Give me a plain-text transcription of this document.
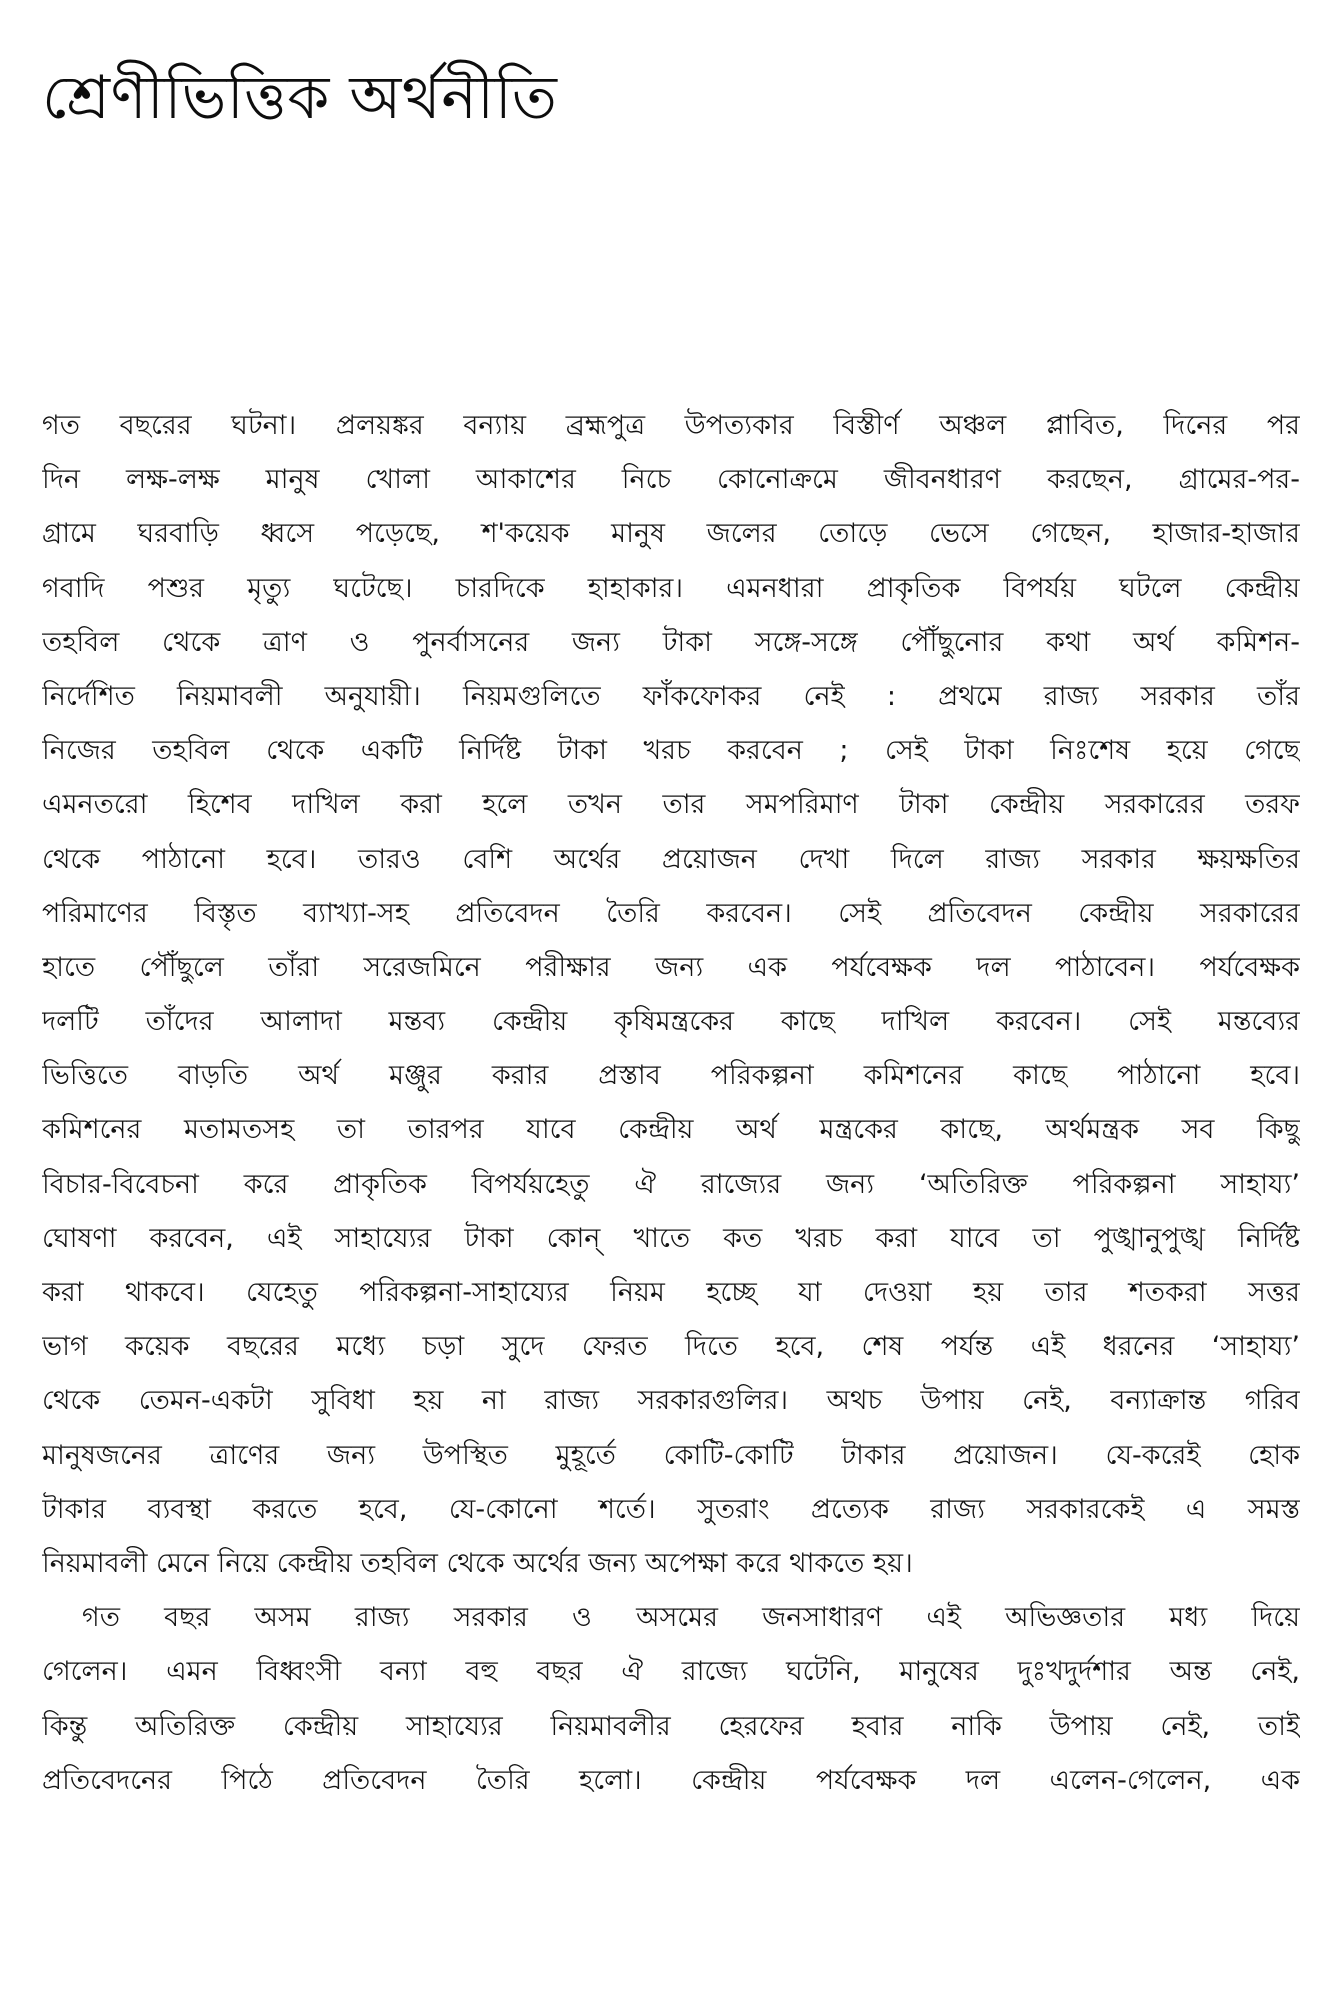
শ্রেণীভিত্তিক অর্থনীতি
গত বছরের ঘটনা। প্রলয়ঙ্কর বন্যায় ব্রহ্মপুত্র উপত্যকার বিস্তীর্ণ অঞ্চল প্লাবিত, দিনের পর
দিন লক্ষ-লক্ষ মানুষ খোলা আকাশের নিচে কোনোক্রমে জীবনধারণ করছেন, গ্রামের-পর-
গ্রামে ঘরবাড়ি ধ্বসে পড়েছে, শ'কয়েক মানুষ জলের তোড়ে ভেসে গেছেন, হাজার-হাজার
গবাদি পশুর মৃত্যু ঘটেছে। চারদিকে হাহাকার। এমনধারা প্রাকৃতিক বিপর্যয় ঘটলে কেন্দ্রীয়
তহবিল থেকে ত্রাণ ও পুনর্বাসনের জন্য টাকা সঙ্গে-সঙ্গে পৌঁছুনোর কথা অর্থ কমিশন-
নির্দেশিত নিয়মাবলী অনুযায়ী। নিয়মগুলিতে ফাঁকফোকর নেই : প্রথমে রাজ্য সরকার তাঁর
নিজের তহবিল থেকে একটি নির্দিষ্ট টাকা খরচ করবেন ; সেই টাকা নিঃশেষ হয়ে গেছে
এমনতরো হিশেব দাখিল করা হলে তখন তার সমপরিমাণ টাকা কেন্দ্রীয় সরকারের তরফ
থেকে পাঠানো হবে। তারও বেশি অর্থের প্রয়োজন দেখা দিলে রাজ্য সরকার ক্ষয়ক্ষতির
পরিমাণের বিস্তৃত ব্যাখ্যা-সহ প্রতিবেদন তৈরি করবেন। সেই প্রতিবেদন কেন্দ্রীয় সরকারের
হাতে পৌঁছুলে তাঁরা সরেজমিনে পরীক্ষার জন্য এক পর্যবেক্ষক দল পাঠাবেন। পর্যবেক্ষক
দলটি তাঁদের আলাদা মন্তব্য কেন্দ্রীয় কৃষিমন্ত্রকের কাছে দাখিল করবেন। সেই মন্তব্যের
ভিত্তিতে বাড়তি অর্থ মঞ্জুর করার প্রস্তাব পরিকল্পনা কমিশনের কাছে পাঠানো হবে।
কমিশনের মতামতসহ তা তারপর যাবে কেন্দ্রীয় অর্থ মন্ত্রকের কাছে, অর্থমন্ত্রক সব কিছু
বিচার-বিবেচনা করে প্রাকৃতিক বিপর্যয়হেতু ঐ রাজ্যের জন্য ‘অতিরিক্ত পরিকল্পনা সাহায্য’
ঘোষণা করবেন, এই সাহায্যের টাকা কোন্ খাতে কত খরচ করা যাবে তা পুঙ্খানুপুঙ্খ নির্দিষ্ট
করা থাকবে। যেহেতু পরিকল্পনা-সাহায্যের নিয়ম হচ্ছে যা দেওয়া হয় তার শতকরা সত্তর
ভাগ কয়েক বছরের মধ্যে চড়া সুদে ফেরত দিতে হবে, শেষ পর্যন্ত এই ধরনের ‘সাহায্য’
থেকে তেমন-একটা সুবিধা হয় না রাজ্য সরকারগুলির। অথচ উপায় নেই, বন্যাক্রান্ত গরিব
মানুষজনের ত্রাণের জন্য উপস্থিত মুহূর্তে কোটি-কোটি টাকার প্রয়োজন। যে-করেই হোক
টাকার ব্যবস্থা করতে হবে, যে-কোনো শর্তে। সুতরাং প্রত্যেক রাজ্য সরকারকেই এ সমস্ত
নিয়মাবলী মেনে নিয়ে কেন্দ্রীয় তহবিল থেকে অর্থের জন্য অপেক্ষা করে থাকতে হয়।
গত বছর অসম রাজ্য সরকার ও অসমের জনসাধারণ এই অভিজ্ঞতার মধ্য দিয়ে
গেলেন। এমন বিধ্বংসী বন্যা বহু বছর ঐ রাজ্যে ঘটেনি, মানুষের দুঃখদুর্দশার অন্ত নেই,
কিন্তু অতিরিক্ত কেন্দ্রীয় সাহায্যের নিয়মাবলীর হেরফের হবার নাকি উপায় নেই, তাই
প্রতিবেদনের পিঠে প্রতিবেদন তৈরি হলো। কেন্দ্রীয় পর্যবেক্ষক দল এলেন-গেলেন, এক
